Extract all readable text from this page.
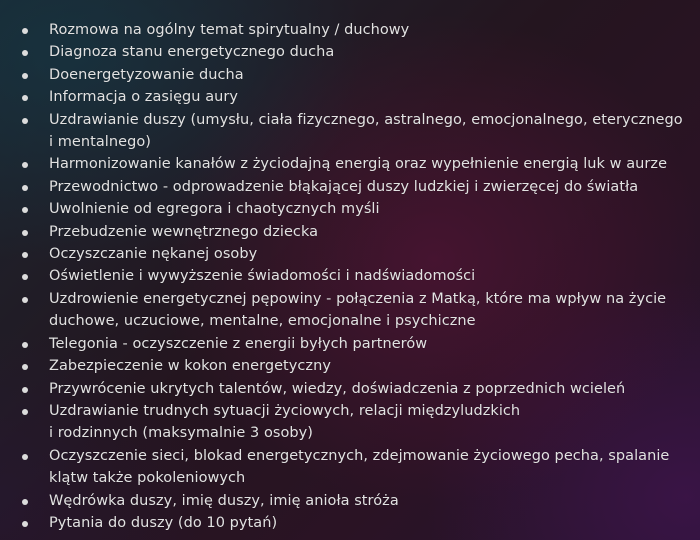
Rozmowa na ogólny temat spirytualny / duchowy
Diagnoza stanu energetycznego ducha
Doenergetyzowanie ducha
Informacja o zasięgu aury
Uzdrawianie duszy (umysłu, ciała fizycznego, astralnego, emocjonalnego, eterycznego
i mentalnego)
Harmonizowanie kanałów z życiodajną energią oraz wypełnienie energią luk w aurze
Przewodnictwo - odprowadzenie błąkającej duszy ludzkiej i zwierzęcej do światła
Uwolnienie od egregora i chaotycznych myśli
Przebudzenie wewnętrznego dziecka
Oczyszczanie nękanej osoby
Oświetlenie i wywyższenie świadomości i nadświadomości
Uzdrowienie energetycznej pępowiny - połączenia z Matką, które ma wpływ na życie
duchowe, uczuciowe, mentalne, emocjonalne i psychiczne
Telegonia - oczyszczenie z energii byłych partnerów
Zabezpieczenie w kokon energetyczny
Przywrócenie ukrytych talentów, wiedzy, doświadczenia z poprzednich wcieleń
Uzdrawianie trudnych sytuacji życiowych, relacji międzyludzkich
i rodzinnych (maksymalnie 3 osoby)
Oczyszczenie sieci, blokad energetycznych, zdejmowanie życiowego pecha, spalanie
klątw także pokoleniowych
Wędrówka duszy, imię duszy, imię anioła stróża
Pytania do duszy (do 10 pytań)
